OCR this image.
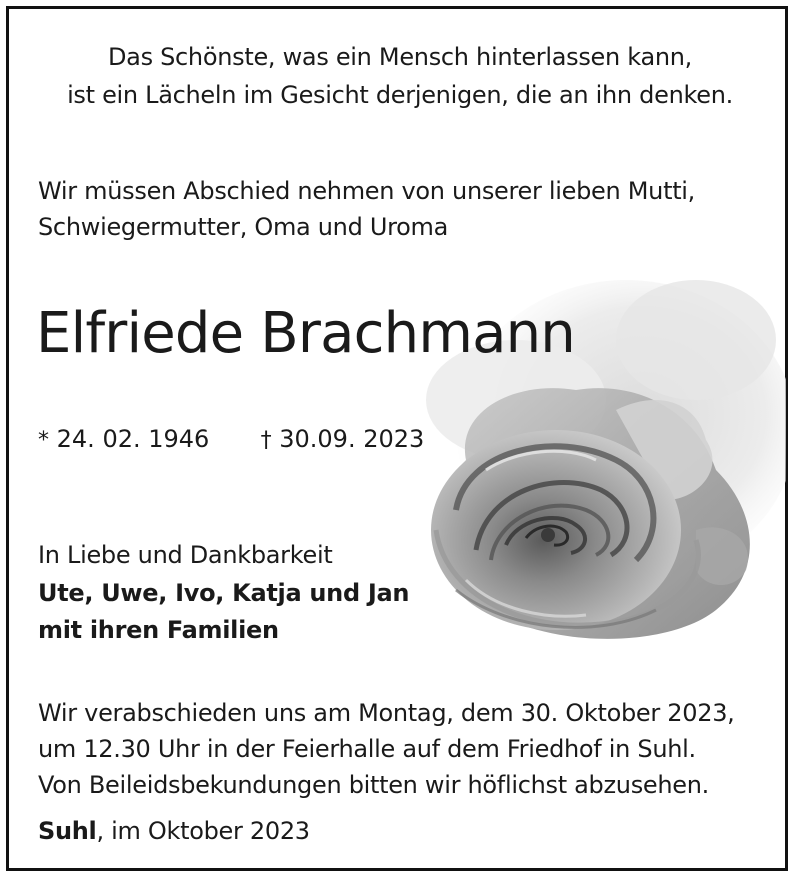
Das Schönste, was ein Mensch hinterlassen kann,
ist ein Lächeln im Gesicht derjenigen, die an ihn denken.
Wir müssen Abschied nehmen von unserer lieben Mutti,
Schwiegermutter, Oma und Uroma
Elfriede Brachmann
* 24. 02. 1946 † 30.09. 2023
In Liebe und Dankbarkeit
Ute, Uwe, Ivo, Katja und Jan
mit ihren Familien
Wir verabschieden uns am Montag, dem 30. Oktober 2023,
um 12.30 Uhr in der Feierhalle auf dem Friedhof in Suhl.
Von Beileidsbekundungen bitten wir höflichst abzusehen.
Suhl, im Oktober 2023
